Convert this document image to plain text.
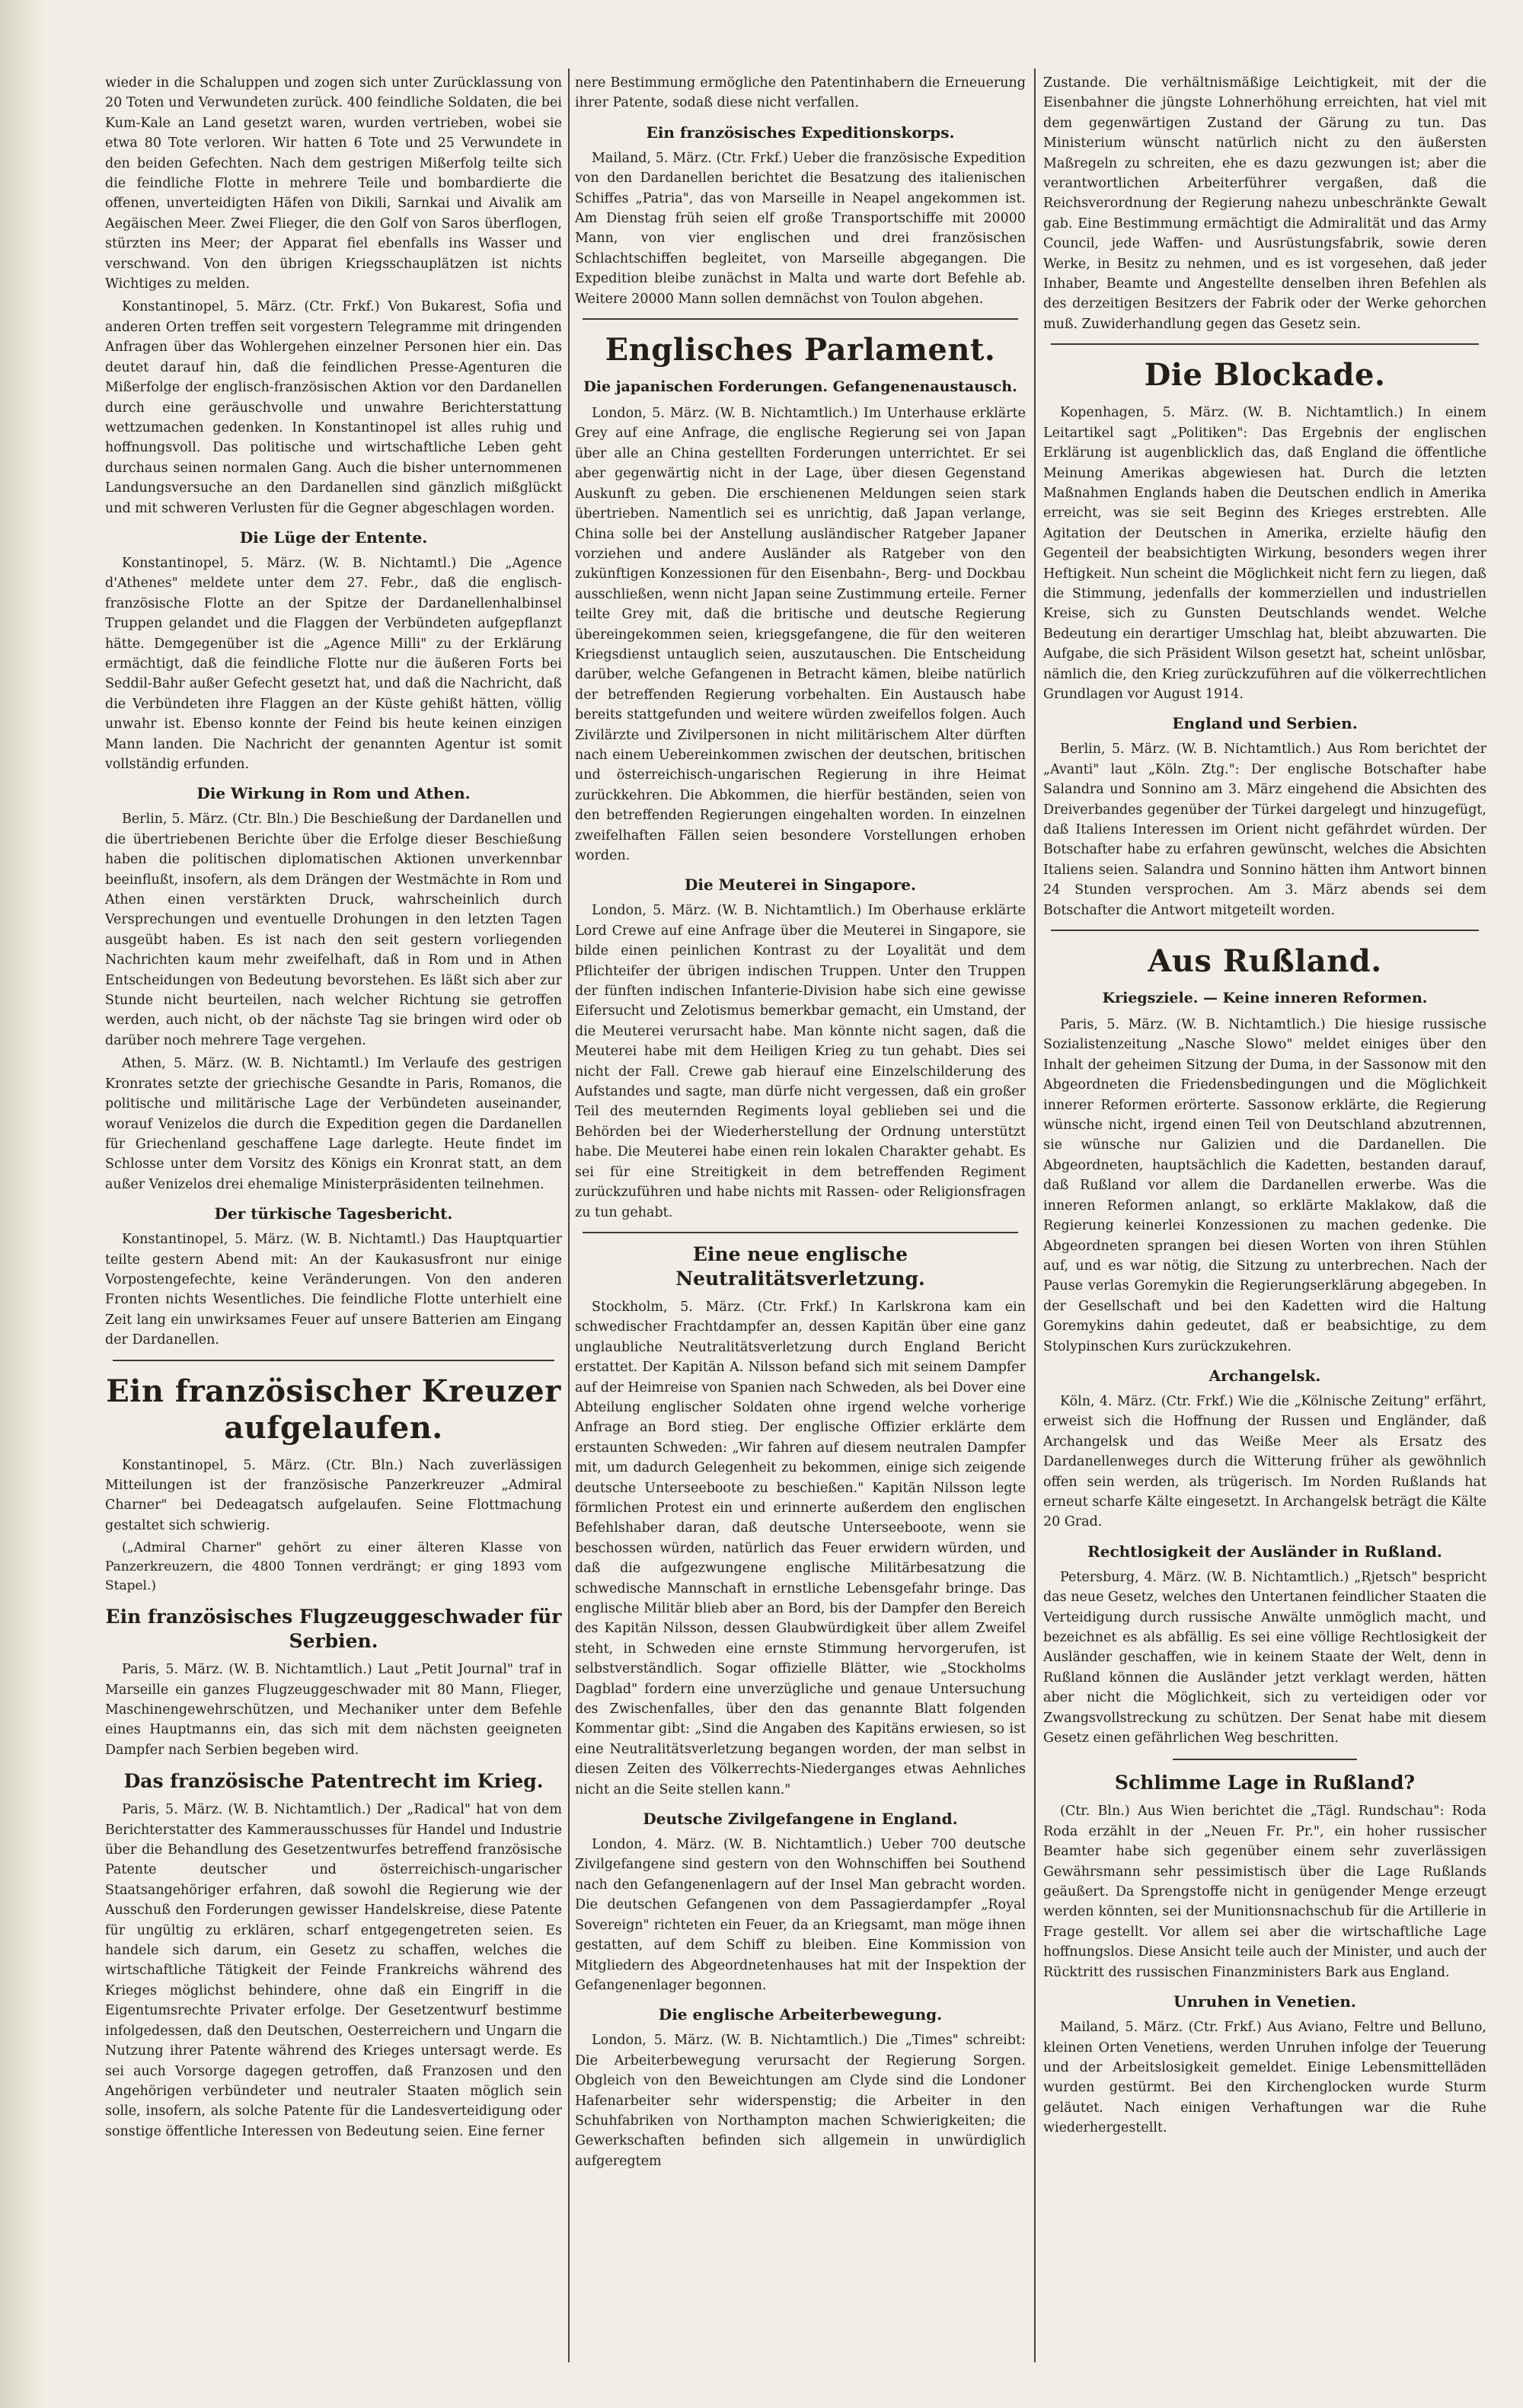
wieder in die Schaluppen und zogen sich unter Zurücklassung von 20 Toten und Verwundeten zurück. 400 feindliche Soldaten, die bei Kum-Kale an Land gesetzt waren, wurden vertrieben, wobei sie etwa 80 Tote verloren. Wir hatten 6 Tote und 25 Verwundete in den beiden Gefechten. Nach dem gestrigen Mißerfolg teilte sich die feindliche Flotte in mehrere Teile und bombardierte die offenen, unverteidigten Häfen von Dikili, Sarnkai und Aivalik am Aegäischen Meer. Zwei Flieger, die den Golf von Saros überflogen, stürzten ins Meer; der Apparat fiel ebenfalls ins Wasser und verschwand. Von den übrigen Kriegsschauplätzen ist nichts Wichtiges zu melden.

Konstantinopel, 5. März. (Ctr. Frkf.) Von Bukarest, Sofia und anderen Orten treffen seit vorgestern Telegramme mit dringenden Anfragen über das Wohlergehen einzelner Personen hier ein. Das deutet darauf hin, daß die feindlichen Presse-Agenturen die Mißerfolge der englisch-französischen Aktion vor den Dardanellen durch eine geräuschvolle und unwahre Berichterstattung wettzumachen gedenken. In Konstantinopel ist alles ruhig und hoffnungsvoll. Das politische und wirtschaftliche Leben geht durchaus seinen normalen Gang. Auch die bisher unternommenen Landungsversuche an den Dardanellen sind gänzlich mißglückt und mit schweren Verlusten für die Gegner abgeschlagen worden.

Die Lüge der Entente.

Konstantinopel, 5. März. (W. B. Nichtamtl.) Die „Agence d'Athenes" meldete unter dem 27. Febr., daß die englisch-französische Flotte an der Spitze der Dardanellenhalbinsel Truppen gelandet und die Flaggen der Verbündeten aufgepflanzt hätte. Demgegenüber ist die „Agence Milli" zu der Erklärung ermächtigt, daß die feindliche Flotte nur die äußeren Forts bei Seddil-Bahr außer Gefecht gesetzt hat, und daß die Nachricht, daß die Verbündeten ihre Flaggen an der Küste gehißt hätten, völlig unwahr ist. Ebenso konnte der Feind bis heute keinen einzigen Mann landen. Die Nachricht der genannten Agentur ist somit vollständig erfunden.

Die Wirkung in Rom und Athen.

Berlin, 5. März. (Ctr. Bln.) Die Beschießung der Dardanellen und die übertriebenen Berichte über die Erfolge dieser Beschießung haben die politischen diplomatischen Aktionen unverkennbar beeinflußt, insofern, als dem Drängen der Westmächte in Rom und Athen einen verstärkten Druck, wahrscheinlich durch Versprechungen und eventuelle Drohungen in den letzten Tagen ausgeübt haben. Es ist nach den seit gestern vorliegenden Nachrichten kaum mehr zweifelhaft, daß in Rom und in Athen Entscheidungen von Bedeutung bevorstehen. Es läßt sich aber zur Stunde nicht beurteilen, nach welcher Richtung sie getroffen werden, auch nicht, ob der nächste Tag sie bringen wird oder ob darüber noch mehrere Tage vergehen.

Athen, 5. März. (W. B. Nichtamtl.) Im Verlaufe des gestrigen Kronrates setzte der griechische Gesandte in Paris, Romanos, die politische und militärische Lage der Verbündeten auseinander, worauf Venizelos die durch die Expedition gegen die Dardanellen für Griechenland geschaffene Lage darlegte. Heute findet im Schlosse unter dem Vorsitz des Königs ein Kronrat statt, an dem außer Venizelos drei ehemalige Ministerpräsidenten teilnehmen.

Der türkische Tagesbericht.

Konstantinopel, 5. März. (W. B. Nichtamtl.) Das Hauptquartier teilte gestern Abend mit: An der Kaukasusfront nur einige Vorpostengefechte, keine Veränderungen. Von den anderen Fronten nichts Wesentliches. Die feindliche Flotte unterhielt eine Zeit lang ein unwirksames Feuer auf unsere Batterien am Eingang der Dardanellen.

Ein französischer Kreuzer aufgelaufen.

Konstantinopel, 5. März. (Ctr. Bln.) Nach zuverlässigen Mitteilungen ist der französische Panzerkreuzer „Admiral Charner" bei Dedeagatsch aufgelaufen. Seine Flottmachung gestaltet sich schwierig.

(„Admiral Charner" gehört zu einer älteren Klasse von Panzerkreuzern, die 4800 Tonnen verdrängt; er ging 1893 vom Stapel.)

Ein französisches Flugzeuggeschwader für Serbien.

Paris, 5. März. (W. B. Nichtamtlich.) Laut „Petit Journal" traf in Marseille ein ganzes Flugzeuggeschwader mit 80 Mann, Flieger, Maschinengewehrschützen, und Mechaniker unter dem Befehle eines Hauptmanns ein, das sich mit dem nächsten geeigneten Dampfer nach Serbien begeben wird.

Das französische Patentrecht im Krieg.

Paris, 5. März. (W. B. Nichtamtlich.) Der „Radical" hat von dem Berichterstatter des Kammerausschusses für Handel und Industrie über die Behandlung des Gesetzentwurfes betreffend französische Patente deutscher und österreichisch-ungarischer Staatsangehöriger erfahren, daß sowohl die Regierung wie der Ausschuß den Forderungen gewisser Handelskreise, diese Patente für ungültig zu erklären, scharf entgegengetreten seien. Es handele sich darum, ein Gesetz zu schaffen, welches die wirtschaftliche Tätigkeit der Feinde Frankreichs während des Krieges möglichst behindere, ohne daß ein Eingriff in die Eigentumsrechte Privater erfolge. Der Gesetzentwurf bestimme infolgedessen, daß den Deutschen, Oesterreichern und Ungarn die Nutzung ihrer Patente während des Krieges untersagt werde. Es sei auch Vorsorge dagegen getroffen, daß Franzosen und den Angehörigen verbündeter und neutraler Staaten möglich sein solle, insofern, als solche Patente für die Landesverteidigung oder sonstige öffentliche Interessen von Bedeutung seien. Eine ferner

nere Bestimmung ermögliche den Patentinhabern die Erneuerung ihrer Patente, sodaß diese nicht verfallen.

Ein französisches Expeditionskorps.

Mailand, 5. März. (Ctr. Frkf.) Ueber die französische Expedition von den Dardanellen berichtet die Besatzung des italienischen Schiffes „Patria", das von Marseille in Neapel angekommen ist. Am Dienstag früh seien elf große Transportschiffe mit 20000 Mann, von vier englischen und drei französischen Schlachtschiffen begleitet, von Marseille abgegangen. Die Expedition bleibe zunächst in Malta und warte dort Befehle ab. Weitere 20000 Mann sollen demnächst von Toulon abgehen.

Englisches Parlament.
Die japanischen Forderungen. Gefangenenaustausch.

London, 5. März. (W. B. Nichtamtlich.) Im Unterhause erklärte Grey auf eine Anfrage, die englische Regierung sei von Japan über alle an China gestellten Forderungen unterrichtet. Er sei aber gegenwärtig nicht in der Lage, über diesen Gegenstand Auskunft zu geben. Die erschienenen Meldungen seien stark übertrieben. Namentlich sei es unrichtig, daß Japan verlange, China solle bei der Anstellung ausländischer Ratgeber Japaner vorziehen und andere Ausländer als Ratgeber von den zukünftigen Konzessionen für den Eisenbahn-, Berg- und Dockbau ausschließen, wenn nicht Japan seine Zustimmung erteile. Ferner teilte Grey mit, daß die britische und deutsche Regierung übereingekommen seien, kriegsgefangene, die für den weiteren Kriegsdienst untauglich seien, auszutauschen. Die Entscheidung darüber, welche Gefangenen in Betracht kämen, bleibe natürlich der betreffenden Regierung vorbehalten. Ein Austausch habe bereits stattgefunden und weitere würden zweifellos folgen. Auch Zivilärzte und Zivilpersonen in nicht militärischem Alter dürften nach einem Uebereinkommen zwischen der deutschen, britischen und österreichisch-ungarischen Regierung in ihre Heimat zurückkehren. Die Abkommen, die hierfür beständen, seien von den betreffenden Regierungen eingehalten worden. In einzelnen zweifelhaften Fällen seien besondere Vorstellungen erhoben worden.

Die Meuterei in Singapore.

London, 5. März. (W. B. Nichtamtlich.) Im Oberhause erklärte Lord Crewe auf eine Anfrage über die Meuterei in Singapore, sie bilde einen peinlichen Kontrast zu der Loyalität und dem Pflichteifer der übrigen indischen Truppen. Unter den Truppen der fünften indischen Infanterie-Division habe sich eine gewisse Eifersucht und Zelotismus bemerkbar gemacht, ein Umstand, der die Meuterei verursacht habe. Man könnte nicht sagen, daß die Meuterei habe mit dem Heiligen Krieg zu tun gehabt. Dies sei nicht der Fall. Crewe gab hierauf eine Einzelschilderung des Aufstandes und sagte, man dürfe nicht vergessen, daß ein großer Teil des meuternden Regiments loyal geblieben sei und die Behörden bei der Wiederherstellung der Ordnung unterstützt habe. Die Meuterei habe einen rein lokalen Charakter gehabt. Es sei für eine Streitigkeit in dem betreffenden Regiment zurückzuführen und habe nichts mit Rassen- oder Religionsfragen zu tun gehabt.

Eine neue englische Neutralitätsverletzung.

Stockholm, 5. März. (Ctr. Frkf.) In Karlskrona kam ein schwedischer Frachtdampfer an, dessen Kapitän über eine ganz unglaubliche Neutralitätsverletzung durch England Bericht erstattet. Der Kapitän A. Nilsson befand sich mit seinem Dampfer auf der Heimreise von Spanien nach Schweden, als bei Dover eine Abteilung englischer Soldaten ohne irgend welche vorherige Anfrage an Bord stieg. Der englische Offizier erklärte dem erstaunten Schweden: „Wir fahren auf diesem neutralen Dampfer mit, um dadurch Gelegenheit zu bekommen, einige sich zeigende deutsche Unterseeboote zu beschießen." Kapitän Nilsson legte förmlichen Protest ein und erinnerte außerdem den englischen Befehlshaber daran, daß deutsche Unterseeboote, wenn sie beschossen würden, natürlich das Feuer erwidern würden, und daß die aufgezwungene englische Militärbesatzung die schwedische Mannschaft in ernstliche Lebensgefahr bringe. Das englische Militär blieb aber an Bord, bis der Dampfer den Bereich des Kapitän Nilsson, dessen Glaubwürdigkeit über allem Zweifel steht, in Schweden eine ernste Stimmung hervorgerufen, ist selbstverständlich. Sogar offizielle Blätter, wie „Stockholms Dagblad" fordern eine unverzügliche und genaue Untersuchung des Zwischenfalles, über den das genannte Blatt folgenden Kommentar gibt: „Sind die Angaben des Kapitäns erwiesen, so ist eine Neutralitätsverletzung begangen worden, der man selbst in diesen Zeiten des Völkerrechts-Niederganges etwas Aehnliches nicht an die Seite stellen kann."

Deutsche Zivilgefangene in England.

London, 4. März. (W. B. Nichtamtlich.) Ueber 700 deutsche Zivilgefangene sind gestern von den Wohnschiffen bei Southend nach den Gefangenenlagern auf der Insel Man gebracht worden. Die deutschen Gefangenen von dem Passagierdampfer „Royal Sovereign" richteten ein Feuer, da an Kriegsamt, man möge ihnen gestatten, auf dem Schiff zu bleiben. Eine Kommission von Mitgliedern des Abgeordnetenhauses hat mit der Inspektion der Gefangenenlager begonnen.

Die englische Arbeiterbewegung.

London, 5. März. (W. B. Nichtamtlich.) Die „Times" schreibt: Die Arbeiterbewegung verursacht der Regierung Sorgen. Obgleich von den Beweichtungen am Clyde sind die Londoner Hafenarbeiter sehr widerspenstig; die Arbeiter in den Schuhfabriken von Northampton machen Schwierigkeiten; die Gewerkschaften befinden sich allgemein in unwürdiglich aufgeregtem

Zustande. Die verhältnismäßige Leichtigkeit, mit der die Eisenbahner die jüngste Lohnerhöhung erreichten, hat viel mit dem gegenwärtigen Zustand der Gärung zu tun. Das Ministerium wünscht natürlich nicht zu den äußersten Maßregeln zu schreiten, ehe es dazu gezwungen ist; aber die verantwortlichen Arbeiterführer vergaßen, daß die Reichsverordnung der Regierung nahezu unbeschränkte Gewalt gab. Eine Bestimmung ermächtigt die Admiralität und das Army Council, jede Waffen- und Ausrüstungsfabrik, sowie deren Werke, in Besitz zu nehmen, und es ist vorgesehen, daß jeder Inhaber, Beamte und Angestellte denselben ihren Befehlen als des derzeitigen Besitzers der Fabrik oder der Werke gehorchen muß. Zuwiderhandlung gegen das Gesetz sein.

Die Blockade.

Kopenhagen, 5. März. (W. B. Nichtamtlich.) In einem Leitartikel sagt „Politiken": Das Ergebnis der englischen Erklärung ist augenblicklich das, daß England die öffentliche Meinung Amerikas abgewiesen hat. Durch die letzten Maßnahmen Englands haben die Deutschen endlich in Amerika erreicht, was sie seit Beginn des Krieges erstrebten. Alle Agitation der Deutschen in Amerika, erzielte häufig den Gegenteil der beabsichtigten Wirkung, besonders wegen ihrer Heftigkeit. Nun scheint die Möglichkeit nicht fern zu liegen, daß die Stimmung, jedenfalls der kommerziellen und industriellen Kreise, sich zu Gunsten Deutschlands wendet. Welche Bedeutung ein derartiger Umschlag hat, bleibt abzuwarten. Die Aufgabe, die sich Präsident Wilson gesetzt hat, scheint unlösbar, nämlich die, den Krieg zurückzuführen auf die völkerrechtlichen Grundlagen vor August 1914.

England und Serbien.

Berlin, 5. März. (W. B. Nichtamtlich.) Aus Rom berichtet der „Avanti" laut „Köln. Ztg.": Der englische Botschafter habe Salandra und Sonnino am 3. März eingehend die Absichten des Dreiverbandes gegenüber der Türkei dargelegt und hinzugefügt, daß Italiens Interessen im Orient nicht gefährdet würden. Der Botschafter habe zu erfahren gewünscht, welches die Absichten Italiens seien. Salandra und Sonnino hätten ihm Antwort binnen 24 Stunden versprochen. Am 3. März abends sei dem Botschafter die Antwort mitgeteilt worden.

Aus Rußland.
Kriegsziele. — Keine inneren Reformen.

Paris, 5. März. (W. B. Nichtamtlich.) Die hiesige russische Sozialistenzeitung „Nasche Slowo" meldet einiges über den Inhalt der geheimen Sitzung der Duma, in der Sassonow mit den Abgeordneten die Friedensbedingungen und die Möglichkeit innerer Reformen erörterte. Sassonow erklärte, die Regierung wünsche nicht, irgend einen Teil von Deutschland abzutrennen, sie wünsche nur Galizien und die Dardanellen. Die Abgeordneten, hauptsächlich die Kadetten, bestanden darauf, daß Rußland vor allem die Dardanellen erwerbe. Was die inneren Reformen anlangt, so erklärte Maklakow, daß die Regierung keinerlei Konzessionen zu machen gedenke. Die Abgeordneten sprangen bei diesen Worten von ihren Stühlen auf, und es war nötig, die Sitzung zu unterbrechen. Nach der Pause verlas Goremykin die Regierungserklärung abgegeben. In der Gesellschaft und bei den Kadetten wird die Haltung Goremykins dahin gedeutet, daß er beabsichtige, zu dem Stolypinschen Kurs zurückzukehren.

Archangelsk.

Köln, 4. März. (Ctr. Frkf.) Wie die „Kölnische Zeitung" erfährt, erweist sich die Hoffnung der Russen und Engländer, daß Archangelsk und das Weiße Meer als Ersatz des Dardanellenweges durch die Witterung früher als gewöhnlich offen sein werden, als trügerisch. Im Norden Rußlands hat erneut scharfe Kälte eingesetzt. In Archangelsk beträgt die Kälte 20 Grad.

Rechtlosigkeit der Ausländer in Rußland.

Petersburg, 4. März. (W. B. Nichtamtlich.) „Rjetsch" bespricht das neue Gesetz, welches den Untertanen feindlicher Staaten die Verteidigung durch russische Anwälte unmöglich macht, und bezeichnet es als abfällig. Es sei eine völlige Rechtlosigkeit der Ausländer geschaffen, wie in keinem Staate der Welt, denn in Rußland können die Ausländer jetzt verklagt werden, hätten aber nicht die Möglichkeit, sich zu verteidigen oder vor Zwangsvollstreckung zu schützen. Der Senat habe mit diesem Gesetz einen gefährlichen Weg beschritten.

Schlimme Lage in Rußland?

(Ctr. Bln.) Aus Wien berichtet die „Tägl. Rundschau": Roda Roda erzählt in der „Neuen Fr. Pr.", ein hoher russischer Beamter habe sich gegenüber einem sehr zuverlässigen Gewährsmann sehr pessimistisch über die Lage Rußlands geäußert. Da Sprengstoffe nicht in genügender Menge erzeugt werden könnten, sei der Munitionsnachschub für die Artillerie in Frage gestellt. Vor allem sei aber die wirtschaftliche Lage hoffnungslos. Diese Ansicht teile auch der Minister, und auch der Rücktritt des russischen Finanzministers Bark aus England.

Unruhen in Venetien.

Mailand, 5. März. (Ctr. Frkf.) Aus Aviano, Feltre und Belluno, kleinen Orten Venetiens, werden Unruhen infolge der Teuerung und der Arbeitslosigkeit gemeldet. Einige Lebensmittelläden wurden gestürmt. Bei den Kirchenglocken wurde Sturm geläutet. Nach einigen Verhaftungen war die Ruhe wiederhergestellt.
